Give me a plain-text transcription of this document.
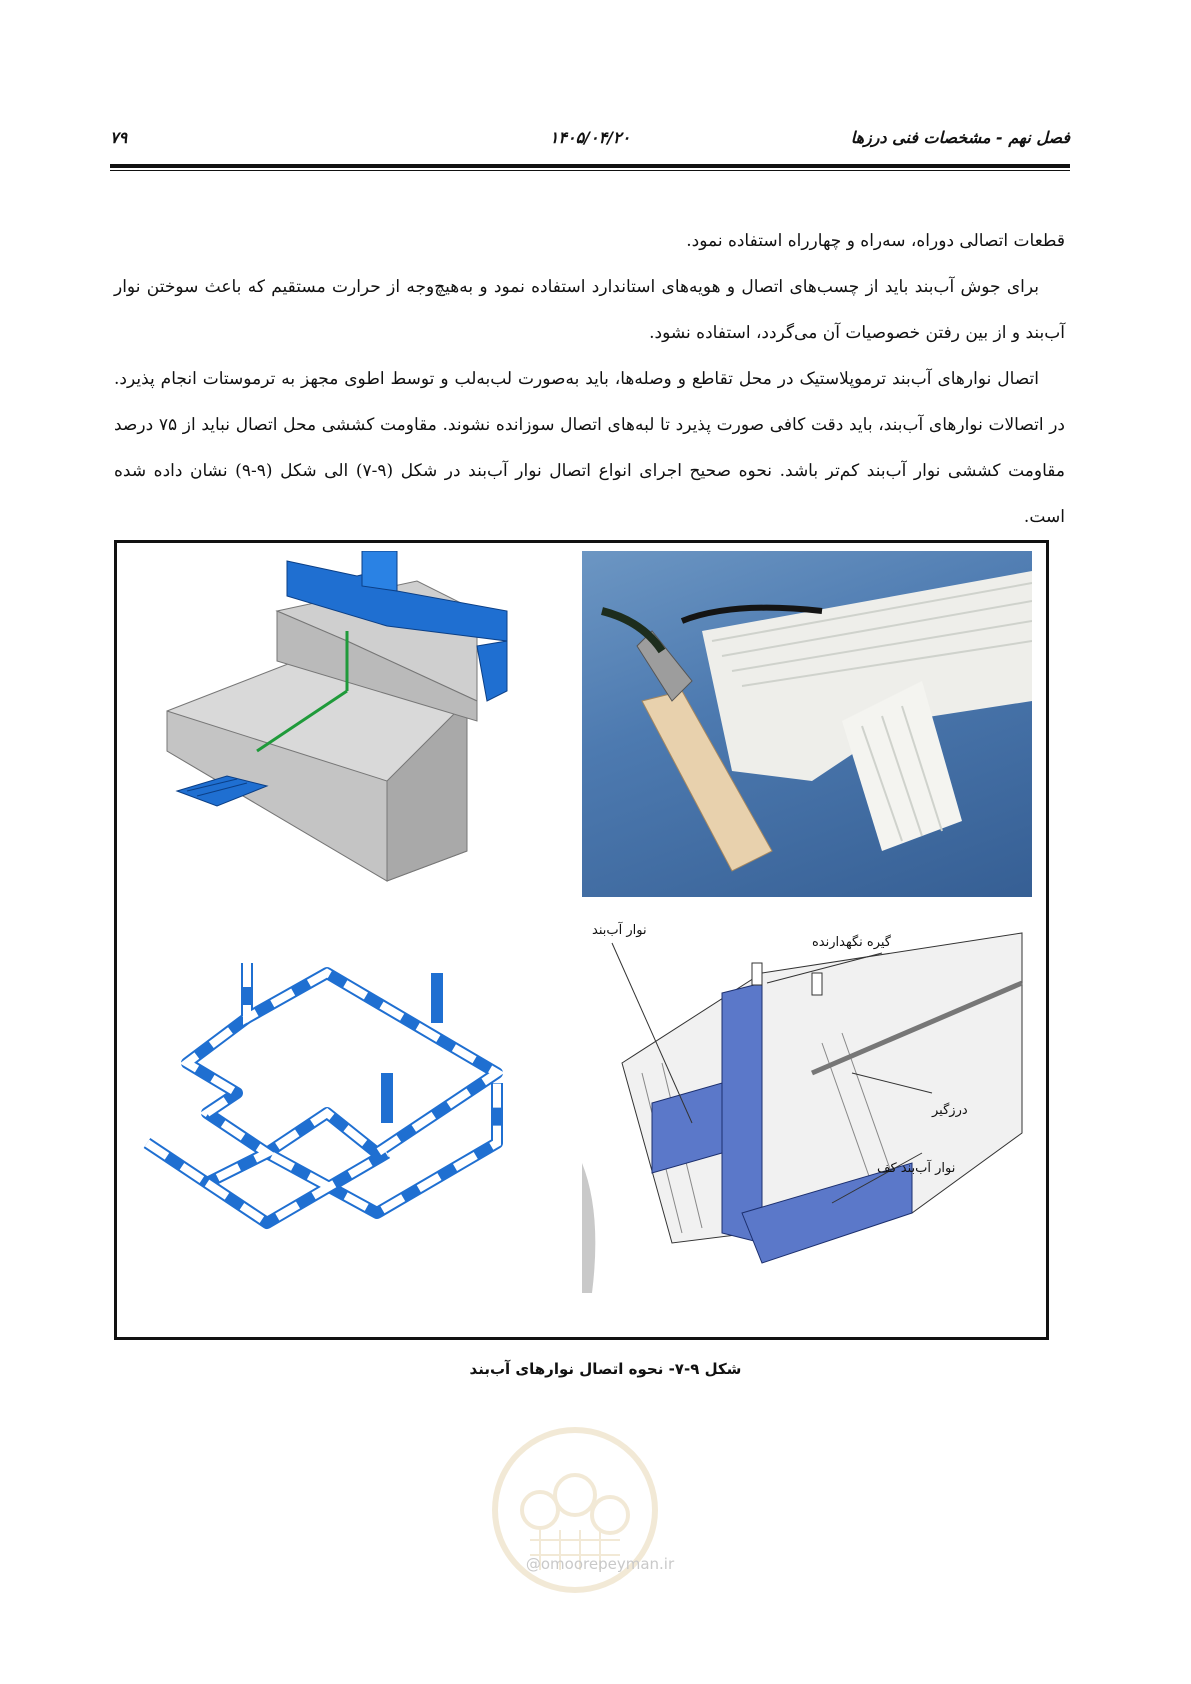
فصل نهم - مشخصات فنی درزها
۱۴۰۵/۰۴/۲۰
۷۹

قطعات اتصالی دوراه، سه‌راه و چهارراه استفاده نمود.

برای جوش آب‌بند باید از چسب‌های اتصال و هویه‌های استاندارد استفاده نمود و به‌هیچ‌وجه از حرارت مستقیم که باعث سوختن نوار آب‌بند و از بین رفتن خصوصیات آن می‌گردد، استفاده نشود.

اتصال نوارهای آب‌بند ترموپلاستیک در محل تقاطع و وصله‌ها، باید به‌صورت لب‌به‌لب و توسط اطوی مجهز به ترموستات انجام پذیرد. در اتصالات نوارهای آب‌بند، باید دقت کافی صورت پذیرد تا لبه‌های اتصال سوزانده نشوند. مقاومت کششی محل اتصال نباید از ۷۵ درصد مقاومت کششی نوار آب‌بند کم‌تر باشد. نحوه صحیح اجرای انواع اتصال نوار آب‌بند در شکل (۹-۷) الی شکل (۹-۹) نشان داده شده است.

نوار آب‌بند
گیره نگهدارنده
درزگیر
نوار آب‌بند کف
شکل ۹-۷- نحوه اتصال نوارهای آب‌بند
@omoorepeyman.ir
